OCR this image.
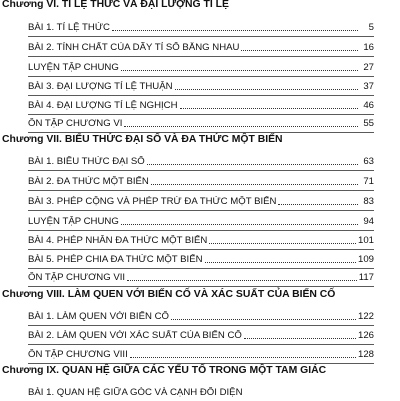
Chương VI. TỈ LỆ THỨC VÀ ĐẠI LƯỢNG TỈ LỆ
BÀI 1. TỈ LỆ THỨC	5
BÀI 2. TÍNH CHẤT CỦA DÃY TỈ SỐ BẰNG NHAU	16
LUYỆN TẬP CHUNG	27
BÀI 3. ĐẠI LƯỢNG TỈ LỆ THUẬN	37
BÀI 4. ĐẠI LƯỢNG TỈ LỆ NGHỊCH	46
ÔN TẬP CHƯƠNG VI	55
Chương VII. BIỂU THỨC ĐẠI SỐ VÀ ĐA THỨC MỘT BIẾN
BÀI 1. BIỂU THỨC ĐẠI SỐ	63
BÀI 2. ĐA THỨC MỘT BIẾN	71
BÀI 3. PHÉP CỘNG VÀ PHÉP TRỪ ĐA THỨC MỘT BIẾN	83
LUYỆN TẬP CHUNG	94
BÀI 4. PHÉP NHÂN ĐA THỨC MỘT BIẾN	101
BÀI 5. PHÉP CHIA ĐA THỨC MỘT BIẾN	109
ÔN TẬP CHƯƠNG VII	117
Chương VIII. LÀM QUEN VỚI BIẾN CỐ VÀ XÁC SUẤT CỦA BIẾN CỐ
BÀI 1. LÀM QUEN VỚI BIẾN CỐ	122
BÀI 2. LÀM QUEN VỚI XÁC SUẤT CỦA BIẾN CỐ	126
ÔN TẬP CHƯƠNG VIII	128
Chương IX. QUAN HỆ GIỮA CÁC YẾU TỐ TRONG MỘT TAM GIÁC
BÀI 1. QUAN HỆ GIỮA GÓC VÀ CẠNH ĐỐI DIỆN
